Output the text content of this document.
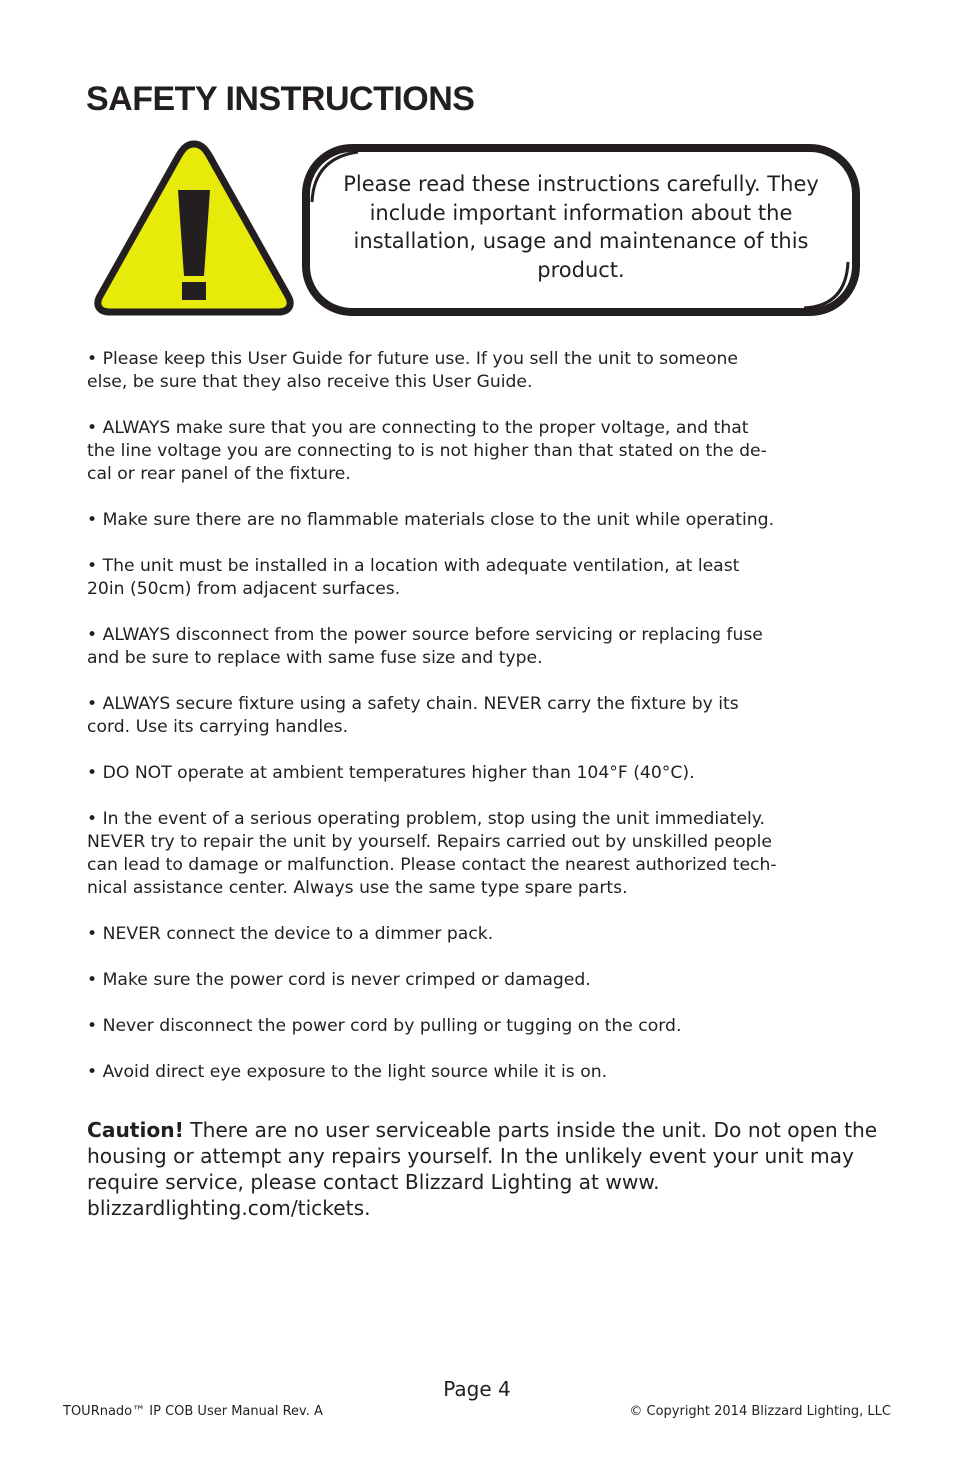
SAFETY INSTRUCTIONS
Please read these instructions carefully. They include important information about the installation, usage and maintenance of this product.

• Please keep this User Guide for future use. If you sell the unit to someone
else, be sure that they also receive this User Guide.

• ALWAYS make sure that you are connecting to the proper voltage, and that
the line voltage you are connecting to is not higher than that stated on the de-
cal or rear panel of the fixture.

• Make sure there are no flammable materials close to the unit while operating.

• The unit must be installed in a location with adequate ventilation, at least
20in (50cm) from adjacent surfaces.

• ALWAYS disconnect from the power source before servicing or replacing fuse
and be sure to replace with same fuse size and type.

• ALWAYS secure fixture using a safety chain. NEVER carry the fixture by its
cord. Use its carrying handles.

• DO NOT operate at ambient temperatures higher than 104°F (40°C).

• In the event of a serious operating problem, stop using the unit immediately.
NEVER try to repair the unit by yourself. Repairs carried out by unskilled people
can lead to damage or malfunction. Please contact the nearest authorized tech-
nical assistance center. Always use the same type spare parts.

• NEVER connect the device to a dimmer pack.

• Make sure the power cord is never crimped or damaged.

• Never disconnect the power cord by pulling or tugging on the cord.

• Avoid direct eye exposure to the light source while it is on.

Caution! There are no user serviceable parts inside the unit. Do not open the housing or attempt any repairs yourself. In the unlikely event your unit may require service, please contact Blizzard Lighting at www. blizzardlighting.com/tickets.

Page 4
TOURnado™ IP COB User Manual Rev. A	© Copyright 2014 Blizzard Lighting, LLC
